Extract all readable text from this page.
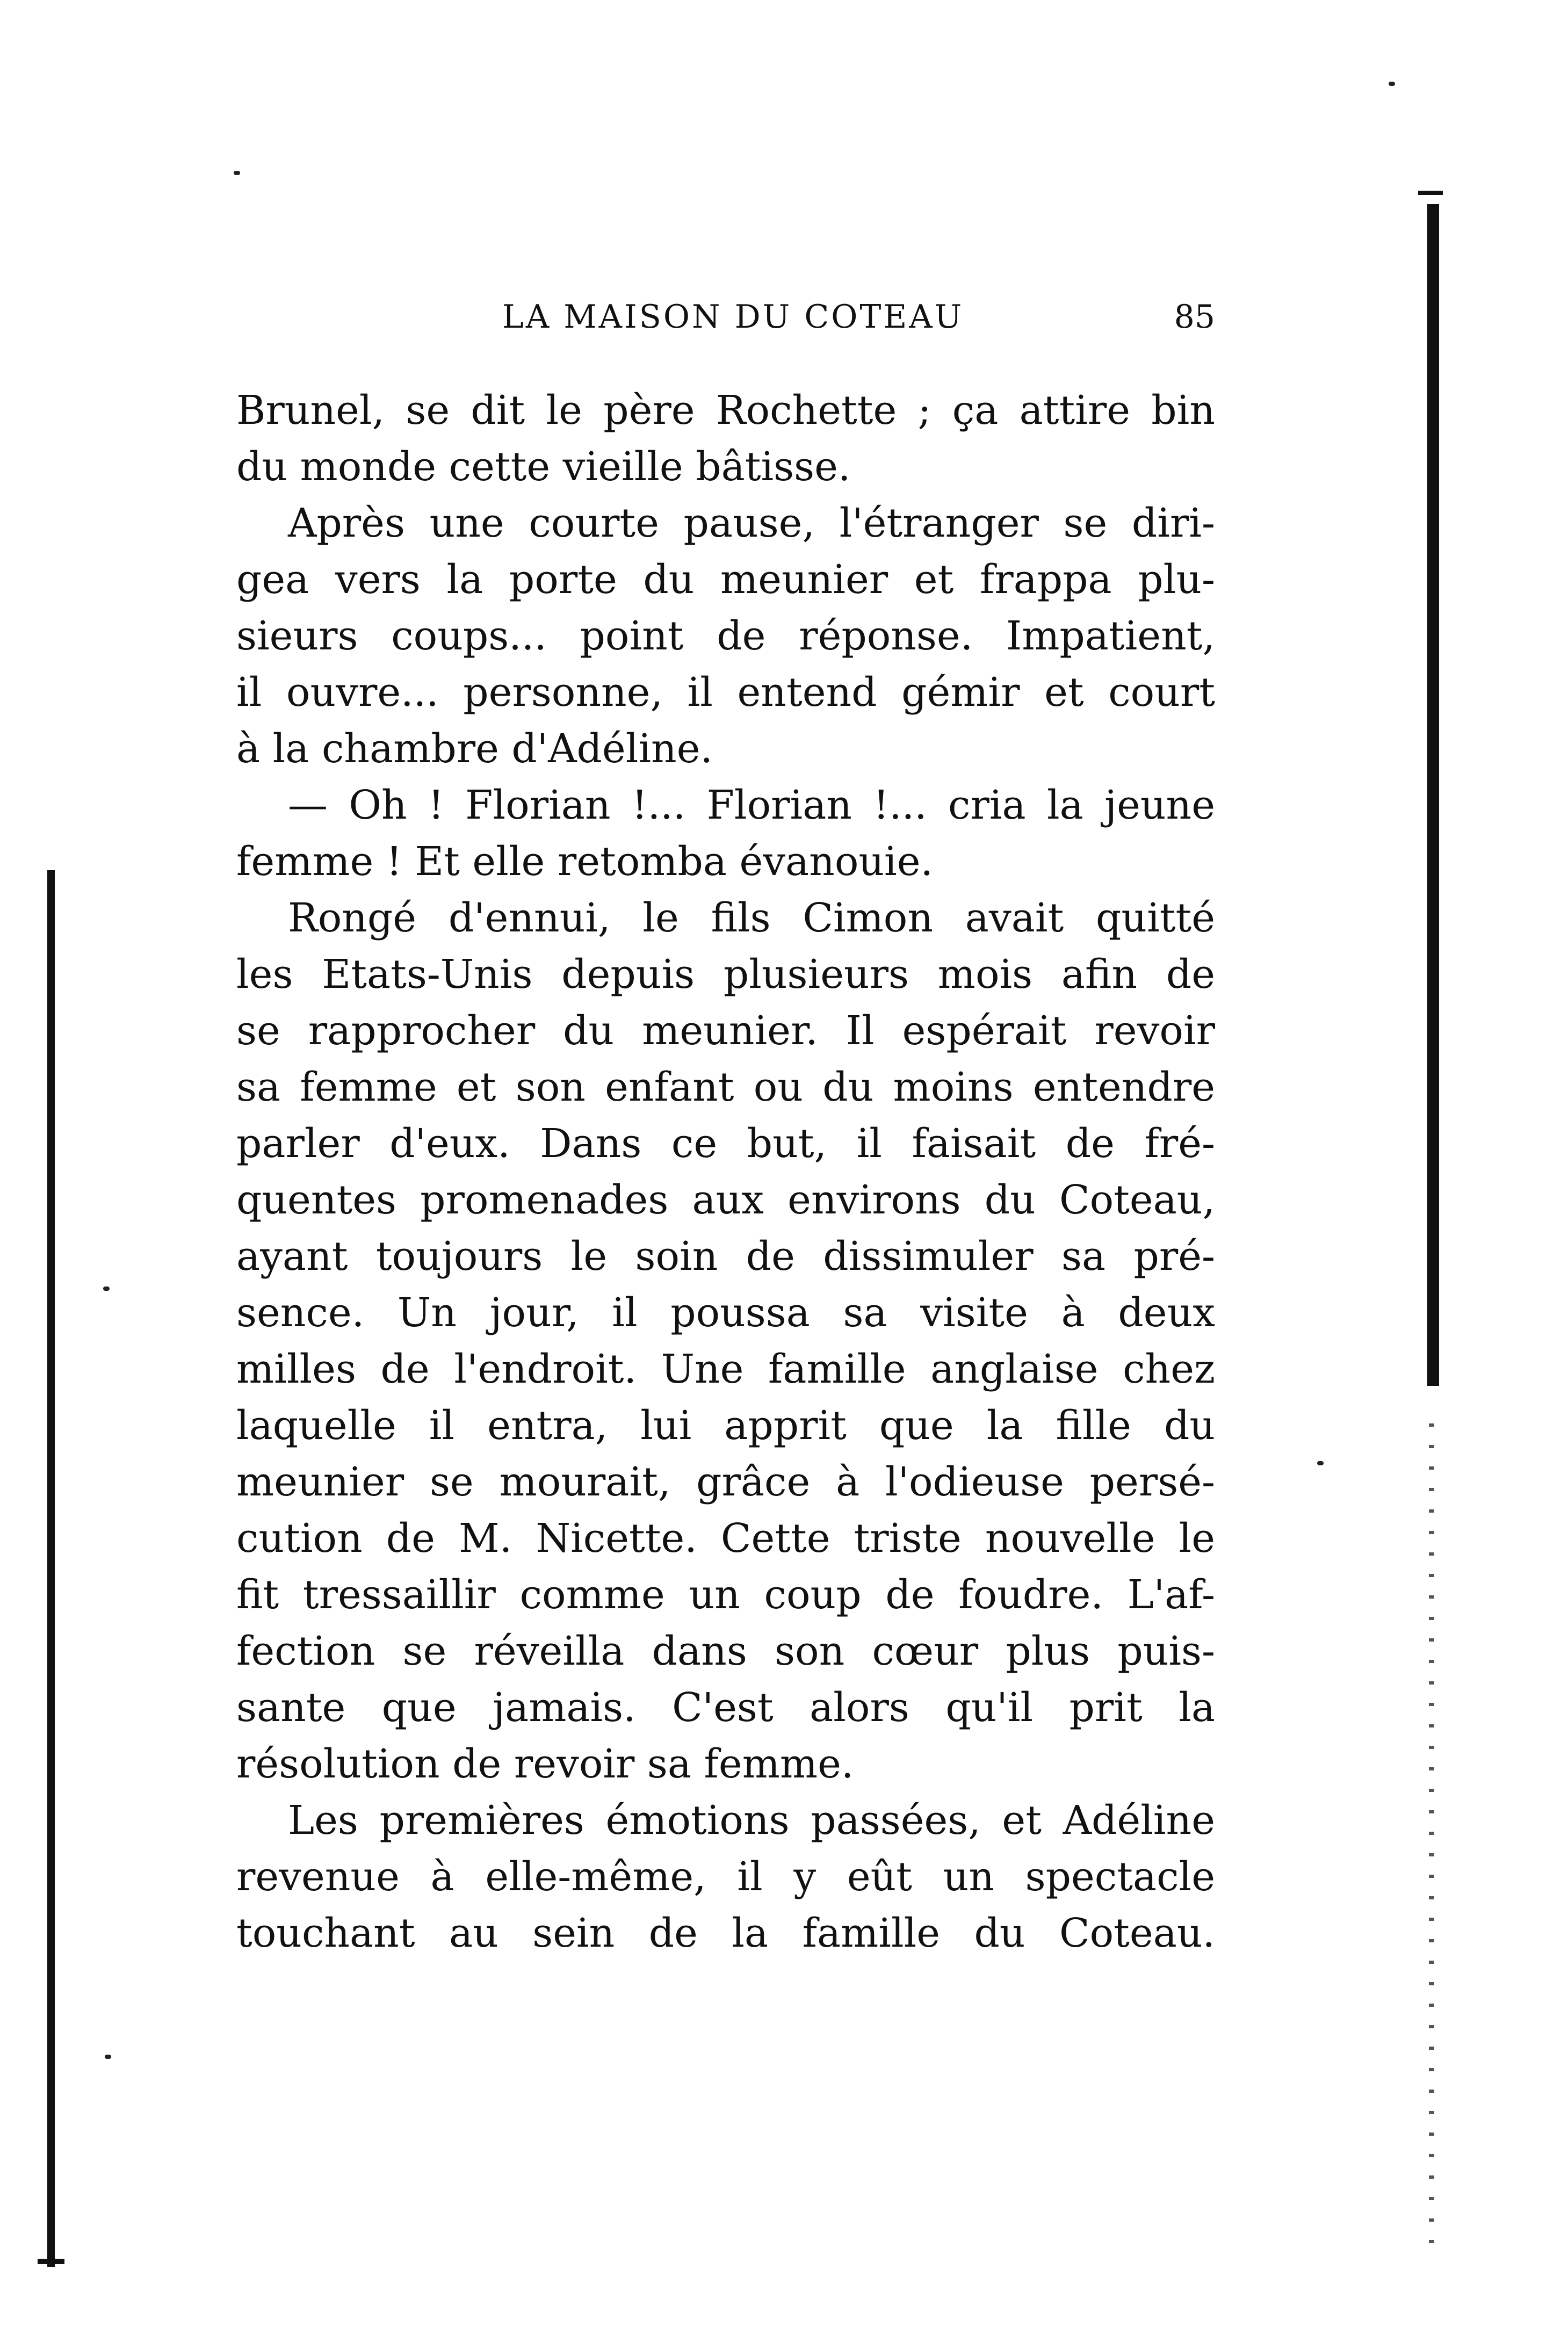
LA MAISON DU COTEAU	85
Brunel, se dit le père Rochette ; ça attire bin
du monde cette vieille bâtisse.
Après une courte pause, l'étranger se diri-
gea vers la porte du meunier et frappa plu-
sieurs coups... point de réponse. Impatient,
il ouvre... personne, il entend gémir et court
à la chambre d'Adéline.
— Oh ! Florian !... Florian !... cria la jeune
femme ! Et elle retomba évanouie.
Rongé d'ennui, le fils Cimon avait quitté
les Etats-Unis depuis plusieurs mois afin de
se rapprocher du meunier. Il espérait revoir
sa femme et son enfant ou du moins entendre
parler d'eux. Dans ce but, il faisait de fré-
quentes promenades aux environs du Coteau,
ayant toujours le soin de dissimuler sa pré-
sence. Un jour, il poussa sa visite à deux
milles de l'endroit. Une famille anglaise chez
laquelle il entra, lui apprit que la fille du
meunier se mourait, grâce à l'odieuse persé-
cution de M. Nicette. Cette triste nouvelle le
fit tressaillir comme un coup de foudre. L'af-
fection se réveilla dans son cœur plus puis-
sante que jamais. C'est alors qu'il prit la
résolution de revoir sa femme.
Les premières émotions passées, et Adéline
revenue à elle-même, il y eût un spectacle
touchant au sein de la famille du Coteau.
